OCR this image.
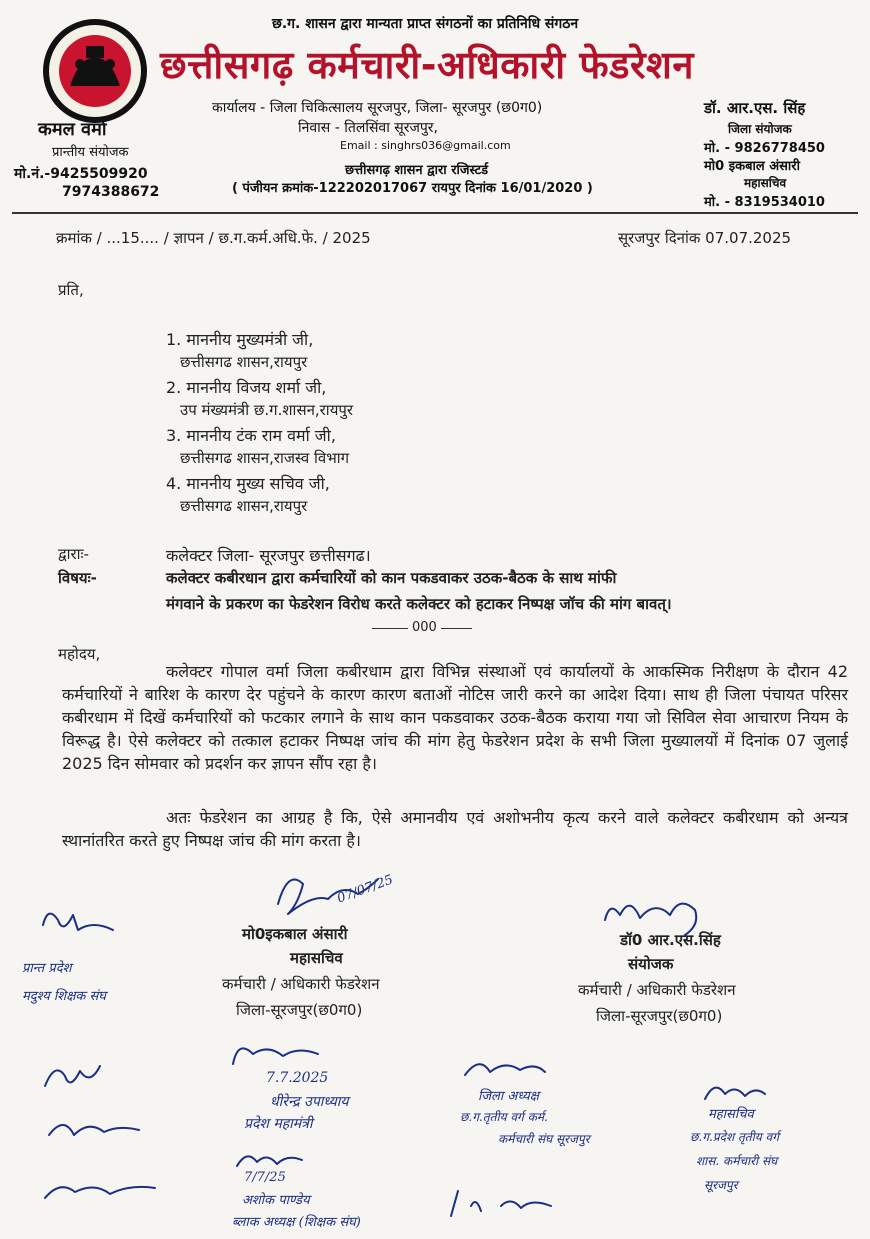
छ.ग. शासन द्वारा मान्यता प्राप्त संगठनों का प्रतिनिधि संगठन
छत्तीसगढ़ कर्मचारी-अधिकारी फेडरेशन
कार्यालय - जिला चिकित्सालय सूरजपुर, जिला- सूरजपुर (छ0ग0)
निवास - तिलसिंवा सूरजपुर,
Email : singhrs036@gmail.com
छत्तीसगढ़ शासन द्वारा रजिस्टर्ड
( पंजीयन क्रमांक-122202017067 रायपुर दिनांक 16/01/2020 )
कमल वर्मा
प्रान्तीय संयोजक
मो.नं.-9425509920
7974388672
डॉ. आर.एस. सिंह
जिला संयोजक
मो. - 9826778450
मो0 इकबाल अंसारी
महासचिव
मो. - 8319534010
क्रमांक / ...15.... / ज्ञापन / छ.ग.कर्म.अधि.फे. / 2025	सूरजपुर दिनांक 07.07.2025
प्रति,
1. माननीय मुख्यमंत्री जी,
छत्तीसगढ शासन,रायपुर
2. माननीय विजय शर्मा जी,
उप मंख्यमंत्री छ.ग.शासन,रायपुर
3. माननीय टंक राम वर्मा जी,
छत्तीसगढ शासन,राजस्व विभाग
4. माननीय मुख्य सचिव जी,
छत्तीसगढ शासन,रायपुर
द्वाराः-	कलेक्टर जिला- सूरजपुर छत्तीसगढ।
विषयः-	कलेक्टर कबीरधान द्वारा कर्मचारियों को कान पकडवाकर उठक-बैठक के साथ मांफी
मंगवाने के प्रकरण का फेडरेशन विरोध करते कलेक्टर को हटाकर निष्पक्ष जॉच की मांग बावत्।
000
महोदय,
कलेक्टर गोपाल वर्मा जिला कबीरधाम द्वारा विभिन्न संस्थाओं एवं कार्यालयों के आकस्मिक निरीक्षण के दौरान 42 कर्मचारियों ने बारिश के कारण देर पहुंचने के कारण कारण बताओं नोटिस जारी करने का आदेश दिया। साथ ही जिला पंचायत परिसर कबीरधाम में दिखें कर्मचारियों को फटकार लगाने के साथ कान पकडवाकर उठक-बैठक कराया गया जो सिविल सेवा आचारण नियम के विरूद्ध है। ऐसे कलेक्टर को तत्काल हटाकर निष्पक्ष जांच की मांग हेतु फेडरेशन प्रदेश के सभी जिला मुख्यालयों में दिनांक 07 जुलाई 2025 दिन सोमवार को प्रदर्शन कर ज्ञापन सौंप रहा है।
अतः फेडरेशन का आग्रह है कि, ऐसे अमानवीय एवं अशोभनीय कृत्य करने वाले कलेक्टर कबीरधाम को अन्यत्र स्थानांतरित करते हुए निष्पक्ष जांच की मांग करता है।
मो0इकबाल अंसारी
महासचिव
कर्मचारी / अधिकारी फेडरेशन
जिला-सूरजपुर(छ0ग0)
डॉ0 आर.एस.सिंह
संयोजक
कर्मचारी / अधिकारी फेडरेशन
जिला-सूरजपुर(छ0ग0)
07/07/25
प्रान्त प्रदेश
मदुश्य शिक्षक संघ
7.7.2025
धीरेन्द्र उपाध्याय
प्रदेश महामंत्री
जिला अध्यक्ष
छ.ग.तृतीय वर्ग कर्म.
कर्मचारी संघ सूरजपुर
महासचिव
छ.ग.प्रदेश तृतीय वर्ग
शास. कर्मचारी संघ
सूरजपुर
7/7/25
अशोक पाण्डेय
ब्लाक अध्यक्ष (शिक्षक संघ)
